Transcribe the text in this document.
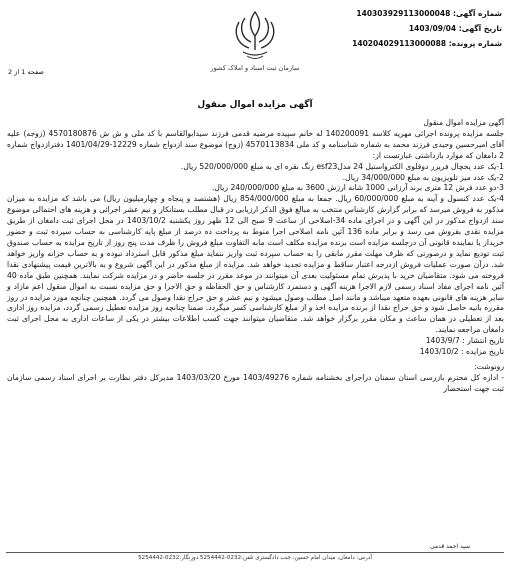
شماره آگهی: 140303929113000048
تاریخ آگهی: 1403/09/04
شماره پرونده: 140204029113000088
سازمان ثبت اسناد و املاک کشور
صفحه 1 از 2
آگهی مزایده اموال منقول

آگهی مزایده اموال منقول

جلسه مزایده پرونده اجرائی مهریه کلاسه 140200091 له خانم سپیده مرضیه قدمی فرزند سیدابوالقاسم با کد ملی و ش ش 4570180876 (زوجه) علیه آقای امیرحسین وحیدی فرزند محمد به شماره شناسنامه و کد ملی 4570113834 (زوج) موضوع سند ازدواج شماره 12229-1401/04/29 دفترازدواج شماره 2 دامغان که موارد بازداشتی عبارتست از:

1-یک عدد یخچال فریزر دوقلوی الکترواستیل 24 مدلesf23 رنگ نقره ای به مبلغ 520/000/000 ریال.

2-یک عدد میز تلویزیون به مبلغ 34/000/000 ریال.

3-دو عدد فرش 12 متری برند آرزانی 1000 شانه ارزش 3600 به مبلغ 240/000/000 ریال.

4-یک عدد کنسول و آینه به مبلغ 60/000/000 ریال. جمعا به مبلغ 854/000/000 ریال (هشتصد و پنجاه و چهارمیلیون ریال) می باشد که مزایده به میزان مذکور به فروش میرسد که برابر گزارش کارشناس منتخب به مبالغ فوق الذکر ارزیابی در قبال مطلب بستانکار و نیم عشر اجرائی و هزینه های احتمالی موضوع سند ازدواج مذکور در این آگهی و در اجرای ماده 34-اصلاحی از ساعت 9 صبح الی 12 ظهر روز یکشنبه 1403/10/2 در محل اجرای ثبت دامغان از طریق مزایده نقدی بفروش می رسد و برابر ماده 136 آئین نامه اصلاحی اجرا منوط به پرداخت ده درصد از مبلغ پایه کارشناسی به حساب سپرده ثبت و حضور خریدار یا نماینده قانونی آن درجلسه مزایده است برنده مزایده مکلف است مابه التفاوت مبلغ فروش را ظرف مدت پنج روز از تاریخ مزایده به حساب صندوق ثبت تودیع نماید و درصورتی که ظرف مهلت مقرر مابقی را به حساب سپرده ثبت واریز ننماید مبلغ مذکور قابل استرداد نبوده و به حساب خزانه واریز خواهد شد. درآن صورت عملیات فروش ازدرجه اعتبار ساقط و مزایده تجدید خواهد شد. مزایده از مبلغ مذکور در این آگهی شروع و به بالاترین قیمت پیشنهادی نقدا فروخته می شود. متقاضیان خرید با پذیرش تمام مسئولیت بعدی آن میتوانند در موعد مقرر در جلسه حاضر و در مزایده شرکت نمایند. همچنین طبق ماده 40 آئین نامه اجرای مفاد اسناد رسمی لازم الاجرا هزینه آگهی و دستمزد کارشناس و حق الحفاظه و حق الاجرا و حق مزایده نسبت به اموال منقول اعم مازاد و سایر هزینه های قانونی بعهده متعهد میباشد و مانند اصل مطلب وصول میشود و نیم عشر و حق حراج نقدا وصول می گردد. همچنین چنانچه مورد مزایده در روز مقرره بانیه حاصل شود و حق حراج نقدا از برنده مزایده اخذ و از مبلغ کارشناسی کسر میگردد. ضمنا چنانچه روز مزایده تعطیل رسمی گردد، مزایده روز اداری بعد از تعطیلی در همان ساعت و مکان مقرر برگزار خواهد شد. متقاضیان میتوانند جهت کسب اطلاعات بیشتر در یکی از ساعات اداری به محل اجرای ثبت دامغان مراجعه نمایند.

تاریخ انتشار : 1403/9/7

تاریخ مزایده : 1403/10/2

رونوشت:

- اداره کل محترم بازرسی استان سمنان دراجرای بخشنامه شماره 1403/49276 مورخ 1403/03/20 مدیرکل دفتر نظارت بر اجرای اسناد رسمی سازمان ثبت جهت استحضار

سید احمد قدمی
آدرس: دامغان، میدان امام حسین، جنب دادگستری تلفن:0232-5254442 دورنگار:0232-5254442
